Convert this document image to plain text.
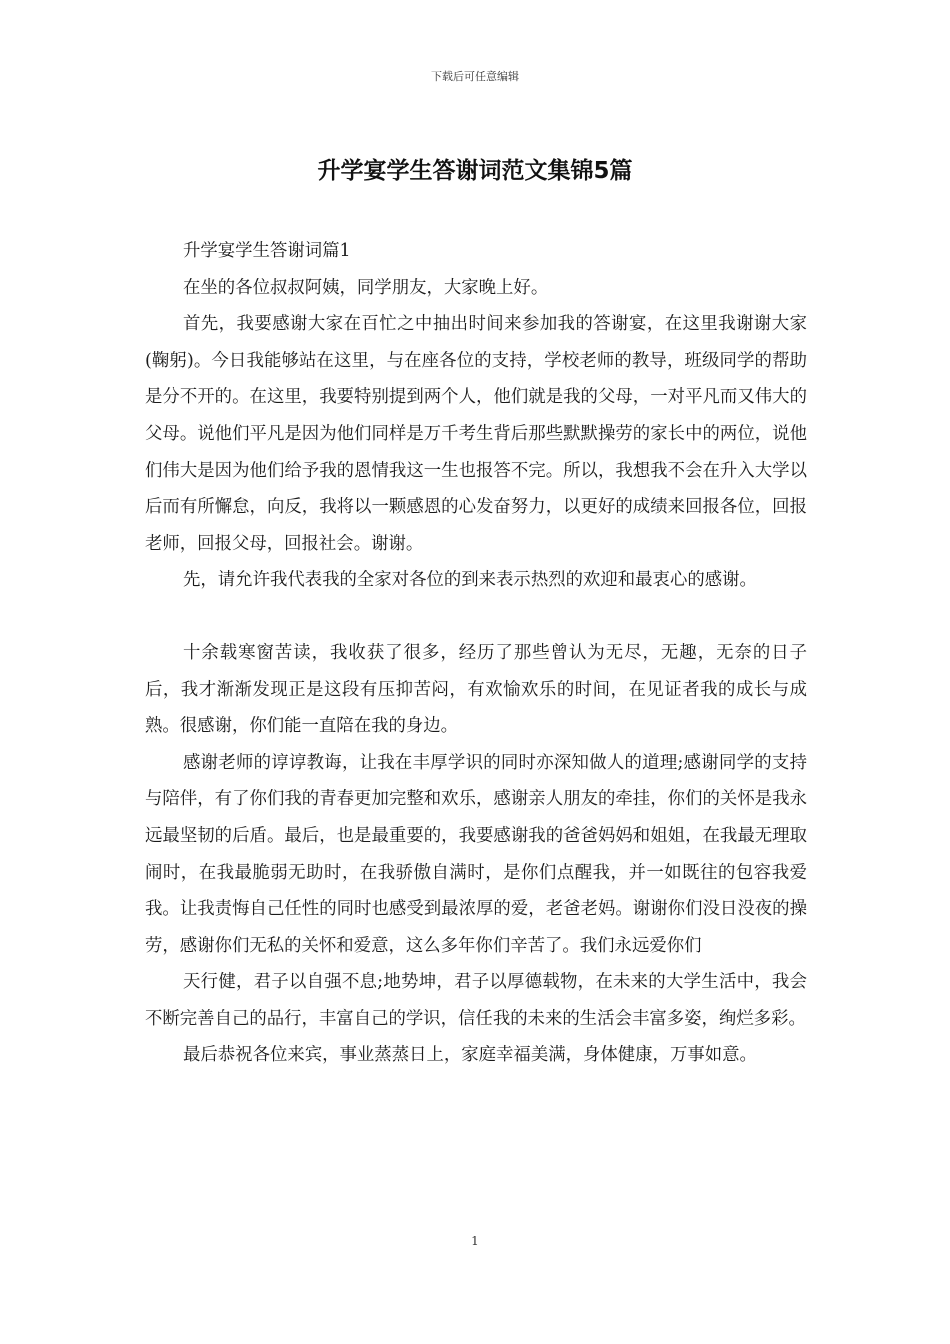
下载后可任意编辑
升学宴学生答谢词范文集锦5篇

升学宴学生答谢词篇1

在坐的各位叔叔阿姨，同学朋友，大家晚上好。

首先，我要感谢大家在百忙之中抽出时间来参加我的答谢宴，在这里我谢谢大家(鞠躬)。今日我能够站在这里，与在座各位的支持，学校老师的教导，班级同学的帮助是分不开的。在这里，我要特别提到两个人，他们就是我的父母，一对平凡而又伟大的父母。说他们平凡是因为他们同样是万千考生背后那些默默操劳的家长中的两位，说他们伟大是因为他们给予我的恩情我这一生也报答不完。所以，我想我不会在升入大学以后而有所懈怠，向反，我将以一颗感恩的心发奋努力，以更好的成绩来回报各位，回报老师，回报父母，回报社会。谢谢。

先，请允许我代表我的全家对各位的到来表示热烈的欢迎和最衷心的感谢。

十余载寒窗苦读，我收获了很多，经历了那些曾认为无尽，无趣，无奈的日子后，我才渐渐发现正是这段有压抑苦闷，有欢愉欢乐的时间，在见证者我的成长与成熟。很感谢，你们能一直陪在我的身边。

感谢老师的谆谆教诲，让我在丰厚学识的同时亦深知做人的道理;感谢同学的支持与陪伴，有了你们我的青春更加完整和欢乐，感谢亲人朋友的牵挂，你们的关怀是我永远最坚韧的后盾。最后，也是最重要的，我要感谢我的爸爸妈妈和姐姐，在我最无理取闹时，在我最脆弱无助时，在我骄傲自满时，是你们点醒我，并一如既往的包容我爱我。让我责悔自己任性的同时也感受到最浓厚的爱，老爸老妈。谢谢你们没日没夜的操劳，感谢你们无私的关怀和爱意，这么多年你们辛苦了。我们永远爱你们

天行健，君子以自强不息;地势坤，君子以厚德载物，在未来的大学生活中，我会不断完善自己的品行，丰富自己的学识，信任我的未来的生活会丰富多姿，绚烂多彩。

最后恭祝各位来宾，事业蒸蒸日上，家庭幸福美满，身体健康，万事如意。

1
